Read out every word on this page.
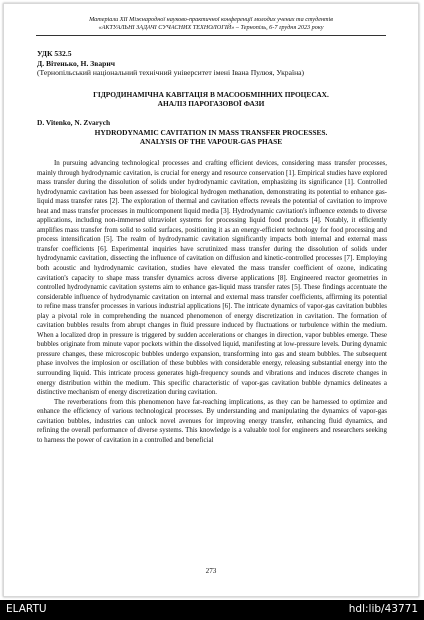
Матеріали XII Міжнародної науково-практичної конференції молодих учених та студентів
«АКТУАЛЬНІ ЗАДАЧІ СУЧАСНИХ ТЕХНОЛОГІЙ» – Тернопіль, 6-7 грудня 2023 року
УДК 532.5
Д. Вітенько, Н. Зварич
(Тернопільський національний технічний університет імені Івана Пулюя, Україна)
ГІДРОДИНАМІЧНА КАВІТАЦІЯ В МАСООБМІННИХ ПРОЦЕСАХ.
АНАЛІЗ ПАРОГАЗОВОЇ ФАЗИ
D. Vitenko, N. Zvarych
HYDRODYNAMIC CAVITATION IN MASS TRANSFER PROCESSES.
ANALYSIS OF THE VAPOUR-GAS PHASE

In pursuing advancing technological processes and crafting efficient devices, considering mass transfer processes, mainly through hydrodynamic cavitation, is crucial for energy and resource conservation [1]. Empirical studies have explored mass transfer during the dissolution of solids under hydrodynamic cavitation, emphasizing its significance [1]. Controlled hydrodynamic cavitation has been assessed for biological hydrogen methanation, demonstrating its potential to enhance gas-liquid mass transfer rates [2]. The exploration of thermal and cavitation effects reveals the potential of cavitation to improve heat and mass transfer processes in multicomponent liquid media [3]. Hydrodynamic cavitation's influence extends to diverse applications, including non-immersed ultraviolet systems for processing liquid food products [4]. Notably, it efficiently amplifies mass transfer from solid to solid surfaces, positioning it as an energy-efficient technology for food processing and process intensification [5]. The realm of hydrodynamic cavitation significantly impacts both internal and external mass transfer coefficients [6]. Experimental inquiries have scrutinized mass transfer during the dissolution of solids under hydrodynamic cavitation, dissecting the influence of cavitation on diffusion and kinetic-controlled processes [7]. Employing both acoustic and hydrodynamic cavitation, studies have elevated the mass transfer coefficient of ozone, indicating cavitation's capacity to shape mass transfer dynamics across diverse applications [8]. Engineered reactor geometries in controlled hydrodynamic cavitation systems aim to enhance gas-liquid mass transfer rates [5]. These findings accentuate the considerable influence of hydrodynamic cavitation on internal and external mass transfer coefficients, affirming its potential to refine mass transfer processes in various industrial applications [6]. The intricate dynamics of vapor-gas cavitation bubbles play a pivotal role in comprehending the nuanced phenomenon of energy discretization in cavitation. The formation of cavitation bubbles results from abrupt changes in fluid pressure induced by fluctuations or turbulence within the medium. When a localized drop in pressure is triggered by sudden accelerations or changes in direction, vapor bubbles emerge. These bubbles originate from minute vapor pockets within the dissolved liquid, manifesting at low-pressure levels. During dynamic pressure changes, these microscopic bubbles undergo expansion, transforming into gas and steam bubbles. The subsequent phase involves the implosion or oscillation of these bubbles with considerable energy, releasing substantial energy into the surrounding liquid. This intricate process generates high-frequency sounds and vibrations and induces discrete changes in energy distribution within the medium. This specific characteristic of vapor-gas cavitation bubble dynamics delineates a distinctive mechanism of energy discretization during cavitation.

The reverberations from this phenomenon have far-reaching implications, as they can be harnessed to optimize and enhance the efficiency of various technological processes. By understanding and manipulating the dynamics of vapor-gas cavitation bubbles, industries can unlock novel avenues for improving energy transfer, enhancing fluid dynamics, and refining the overall performance of diverse systems. This knowledge is a valuable tool for engineers and researchers seeking to harness the power of cavitation in a controlled and beneficial

273
ELARTU	hdl:lib/43771
